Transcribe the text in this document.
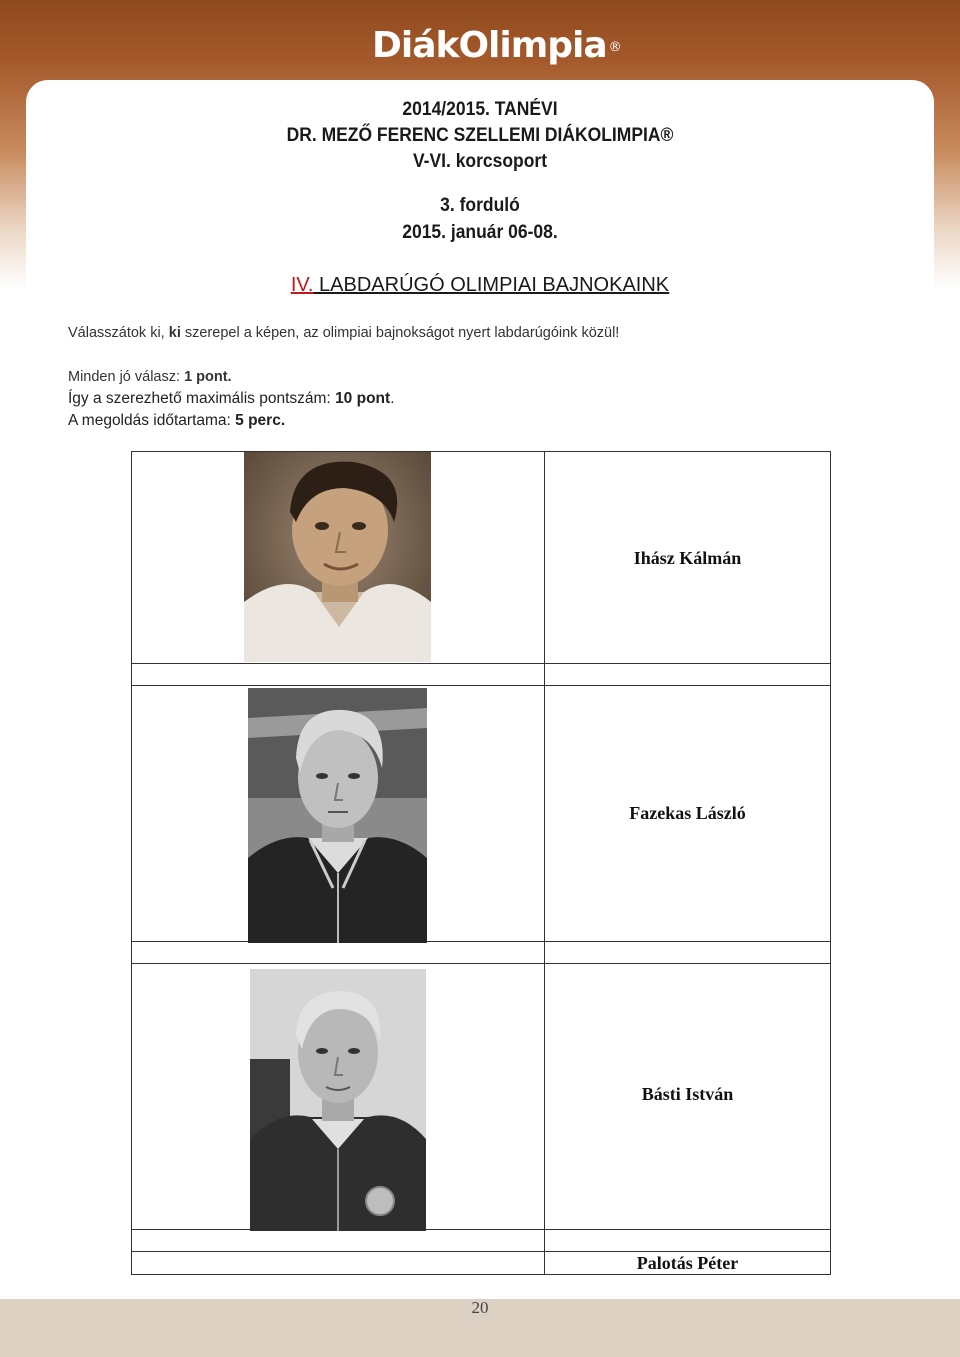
DiákOlimpia ®
2014/2015. TANÉVI
DR. MEZŐ FERENC SZELLEMI DIÁKOLIMPIA®
V-VI. korcsoport
3. forduló
2015. január 06-08.
IV. LABDARÚGÓ OLIMPIAI BAJNOKAINK
Válasszátok ki, ki szerepel a képen, az olimpiai bajnokságot nyert labdarúgóink közül!
Minden jó válasz: 1 pont.
Így a szerezhető maximális pontszám: 10 pont.
A megoldás időtartama: 5 perc.

	Ihász Kálmán

	Fazekas László

	Básti István

	Palotás Péter
20
